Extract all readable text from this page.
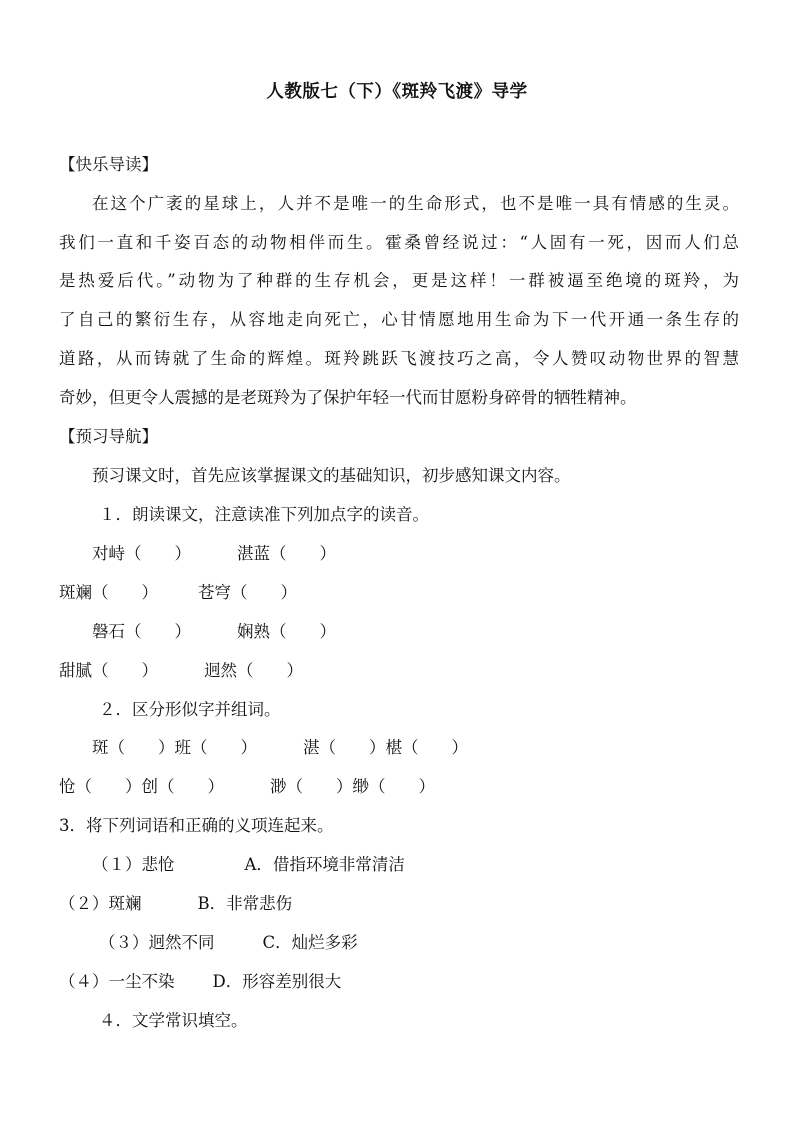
人教版七（下）《斑羚飞渡》导学
【快乐导读】
在这个广袤的星球上，人并不是唯一的生命形式，也不是唯一具有情感的生灵。
我们一直和千姿百态的动物相伴而生。霍桑曾经说过：“人固有一死，因而人们总
是热爱后代。”动物为了种群的生存机会，更是这样！一群被逼至绝境的斑羚，为
了自己的繁衍生存，从容地走向死亡，心甘情愿地用生命为下一代开通一条生存的
道路，从而铸就了生命的辉煌。斑羚跳跃飞渡技巧之高，令人赞叹动物世界的智慧
奇妙，但更令人震撼的是老斑羚为了保护年轻一代而甘愿粉身碎骨的牺牲精神。
【预习导航】
预习课文时，首先应该掌握课文的基础知识，初步感知课文内容。
１．朗读课文，注意读准下列加点字的读音。
对峙（　　）	湛蓝（　　）
斑斓（　　） 苍穹（　　）
磐石（　　）	娴熟（　　）
甜腻（　　）	迥然（　　）
２．区分形似字并组词。
斑（　　）班（　　）	湛（　　）椹（　　）
怆（　　）创（　　）	渺（　　）缈（　　）
3．将下列词语和正确的义项连起来。
（１）悲怆	A．借指环境非常清洁
（２）斑斓	B．非常悲伤
（３）迥然不同	C．灿烂多彩
（４）一尘不染 D．形容差别很大
４．文学常识填空。
